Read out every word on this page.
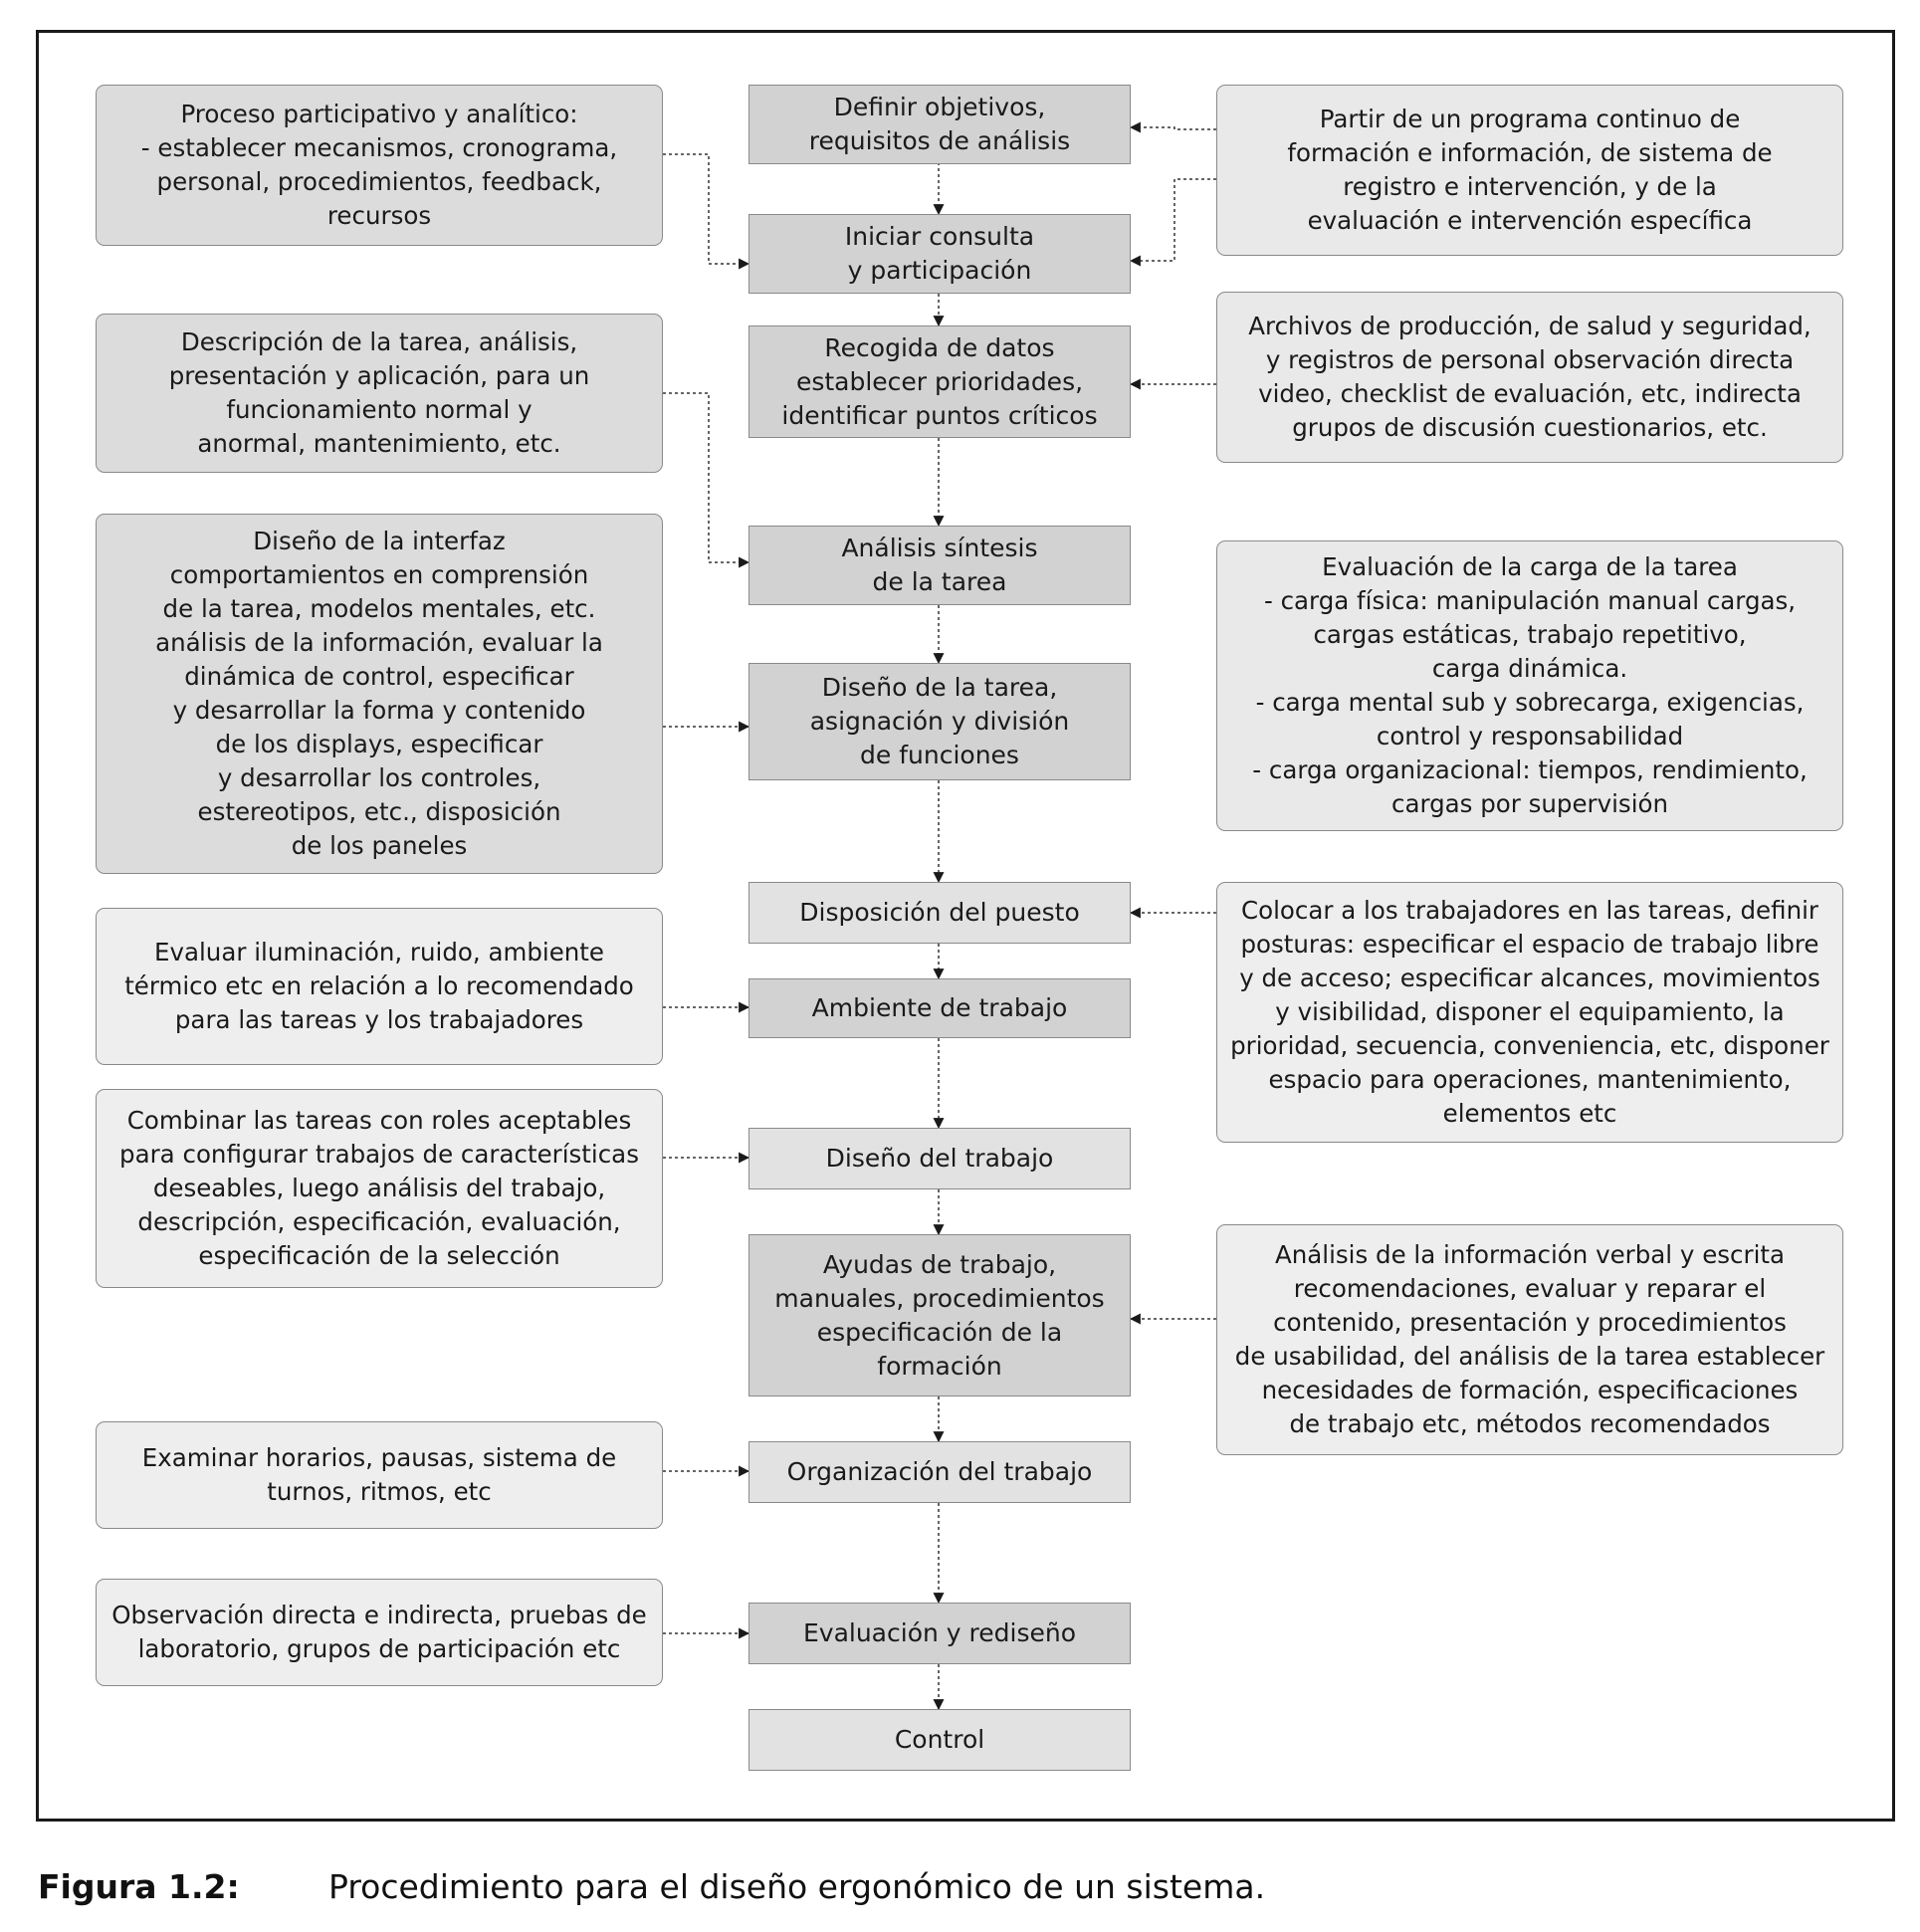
Definir objetivos,
requisitos de análisis
Iniciar consulta
y participación
Recogida de datos
establecer prioridades,
identificar puntos críticos
Análisis síntesis
de la tarea
Diseño de la tarea,
asignación y división
de funciones
Disposición del puesto
Ambiente de trabajo
Diseño del trabajo
Ayudas de trabajo,
manuales, procedimientos
especificación de la
formación
Organización del trabajo
Evaluación y rediseño
Control
Proceso participativo y analítico:
- establecer mecanismos, cronograma,
personal, procedimientos, feedback,
recursos
Descripción de la tarea, análisis,
presentación y aplicación, para un
funcionamiento normal y
anormal, mantenimiento, etc.
Diseño de la interfaz
comportamientos en comprensión
de la tarea, modelos mentales, etc.
análisis de la información, evaluar la
dinámica de control, especificar
y desarrollar la forma y contenido
de los displays, especificar
y desarrollar los controles,
estereotipos, etc., disposición
de los paneles
Evaluar iluminación, ruido, ambiente
térmico etc en relación a lo recomendado
para las tareas y los trabajadores
Combinar las tareas con roles aceptables
para configurar trabajos de características
deseables, luego análisis del trabajo,
descripción, especificación, evaluación,
especificación de la selección
Examinar horarios, pausas, sistema de
turnos, ritmos, etc
Observación directa e indirecta, pruebas de
laboratorio, grupos de participación etc
Partir de un programa continuo de
formación e información, de sistema de
registro e intervención, y de la
evaluación e intervención específica
Archivos de producción, de salud y seguridad,
y registros de personal observación directa
video, checklist de evaluación, etc, indirecta
grupos de discusión cuestionarios, etc.
Evaluación de la carga de la tarea
- carga física: manipulación manual cargas,
cargas estáticas, trabajo repetitivo,
carga dinámica.
- carga mental sub y sobrecarga, exigencias,
control y responsabilidad
- carga organizacional: tiempos, rendimiento,
cargas por supervisión
Colocar a los trabajadores en las tareas, definir
posturas: especificar el espacio de trabajo libre
y de acceso; especificar alcances, movimientos
y visibilidad, disponer el equipamiento, la
prioridad, secuencia, conveniencia, etc, disponer
espacio para operaciones, mantenimiento,
elementos etc
Análisis de la información verbal y escrita
recomendaciones, evaluar y reparar el
contenido, presentación y procedimientos
de usabilidad, del análisis de la tarea establecer
necesidades de formación, especificaciones
de trabajo etc, métodos recomendados
Figura 1.2:	Procedimiento para el diseño ergonómico de un sistema.
